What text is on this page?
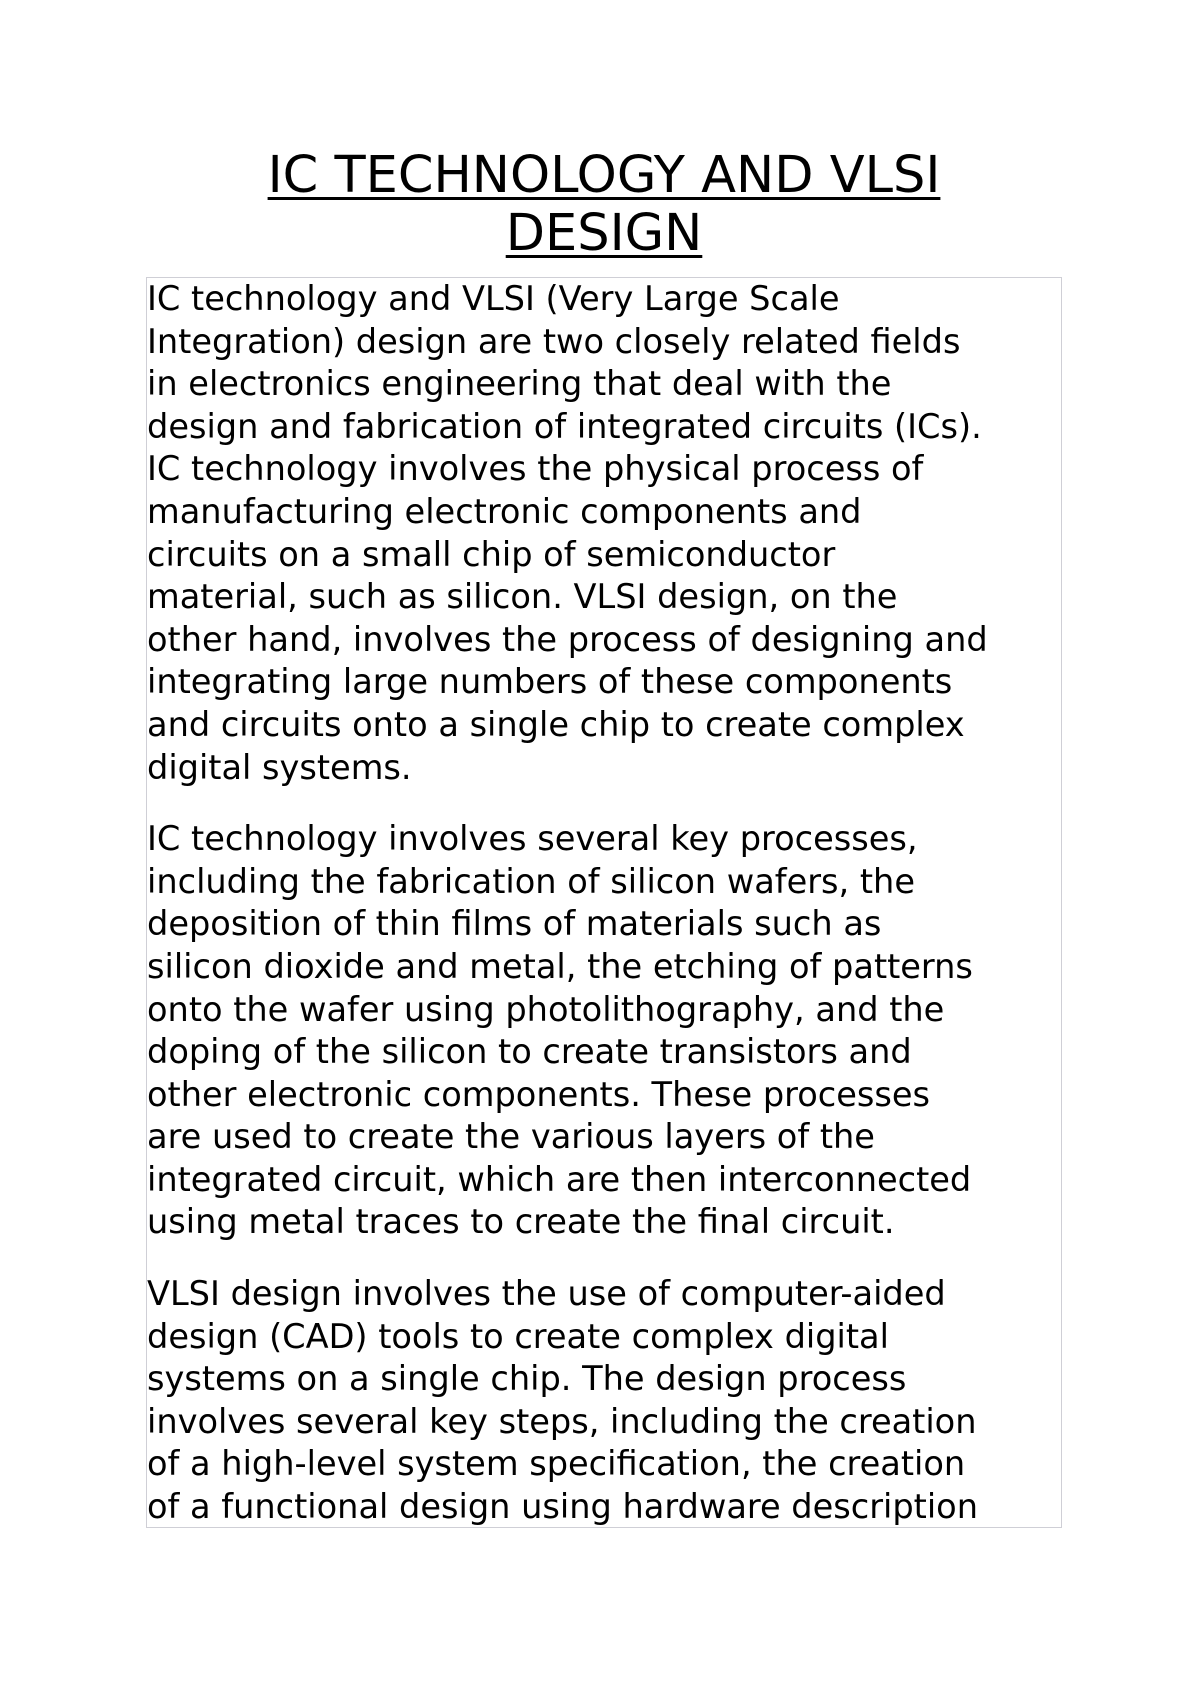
IC TECHNOLOGY AND VLSI
DESIGN

IC technology and VLSI (Very Large Scale
Integration) design are two closely related fields
in electronics engineering that deal with the
design and fabrication of integrated circuits (ICs).
IC technology involves the physical process of
manufacturing electronic components and
circuits on a small chip of semiconductor
material, such as silicon. VLSI design, on the
other hand, involves the process of designing and
integrating large numbers of these components
and circuits onto a single chip to create complex
digital systems.

IC technology involves several key processes,
including the fabrication of silicon wafers, the
deposition of thin films of materials such as
silicon dioxide and metal, the etching of patterns
onto the wafer using photolithography, and the
doping of the silicon to create transistors and
other electronic components. These processes
are used to create the various layers of the
integrated circuit, which are then interconnected
using metal traces to create the final circuit.

VLSI design involves the use of computer-aided
design (CAD) tools to create complex digital
systems on a single chip. The design process
involves several key steps, including the creation
of a high-level system specification, the creation
of a functional design using hardware description
